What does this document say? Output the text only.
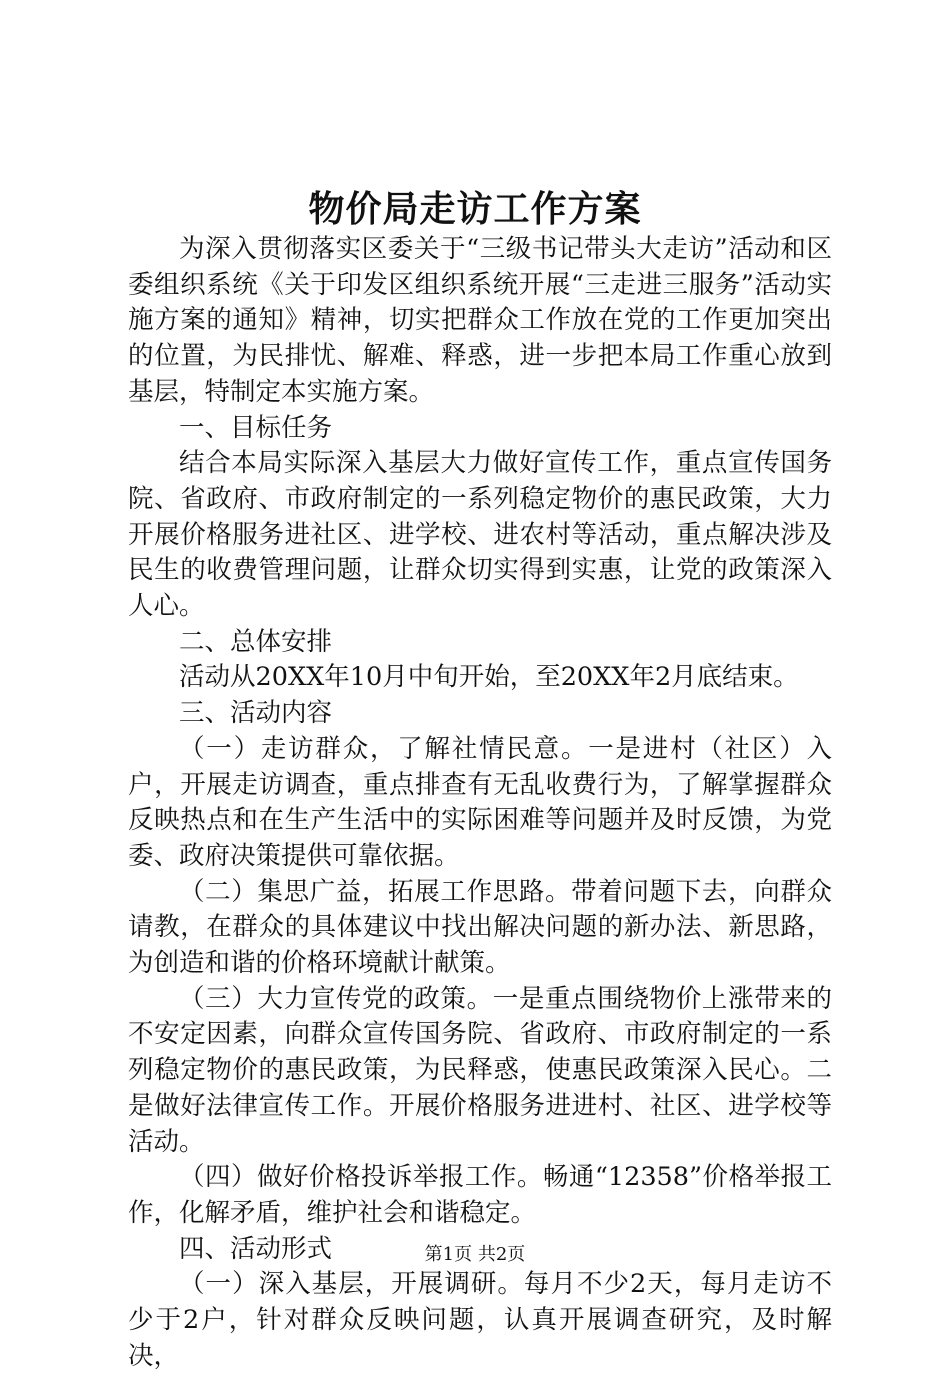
物价局走访工作方案

为深入贯彻落实区委关于“三级书记带头大走访”活动和区委组织系统《关于印发区组织系统开展“三走进三服务”活动实施方案的通知》精神，切实把群众工作放在党的工作更加突出的位置，为民排忧、解难、释惑，进一步把本局工作重心放到基层，特制定本实施方案。

一、目标任务

结合本局实际深入基层大力做好宣传工作，重点宣传国务院、省政府、市政府制定的一系列稳定物价的惠民政策，大力开展价格服务进社区、进学校、进农村等活动，重点解决涉及民生的收费管理问题，让群众切实得到实惠，让党的政策深入人心。

二、总体安排

活动从20XX年10月中旬开始，至20XX年2月底结束。

三、活动内容

（一）走访群众，了解社情民意。一是进村（社区）入户，开展走访调查，重点排查有无乱收费行为，了解掌握群众反映热点和在生产生活中的实际困难等问题并及时反馈，为党委、政府决策提供可靠依据。

（二）集思广益，拓展工作思路。带着问题下去，向群众请教，在群众的具体建议中找出解决问题的新办法、新思路，为创造和谐的价格环境献计献策。

（三）大力宣传党的政策。一是重点围绕物价上涨带来的不安定因素，向群众宣传国务院、省政府、市政府制定的一系列稳定物价的惠民政策，为民释惑，使惠民政策深入民心。二是做好法律宣传工作。开展价格服务进进村、社区、进学校等活动。

（四）做好价格投诉举报工作。畅通“12358”价格举报工作，化解矛盾，维护社会和谐稳定。

四、活动形式

（一）深入基层，开展调研。每月不少2天，每月走访不少于2户，针对群众反映问题，认真开展调查研究，及时解决，

第1页 共2页
